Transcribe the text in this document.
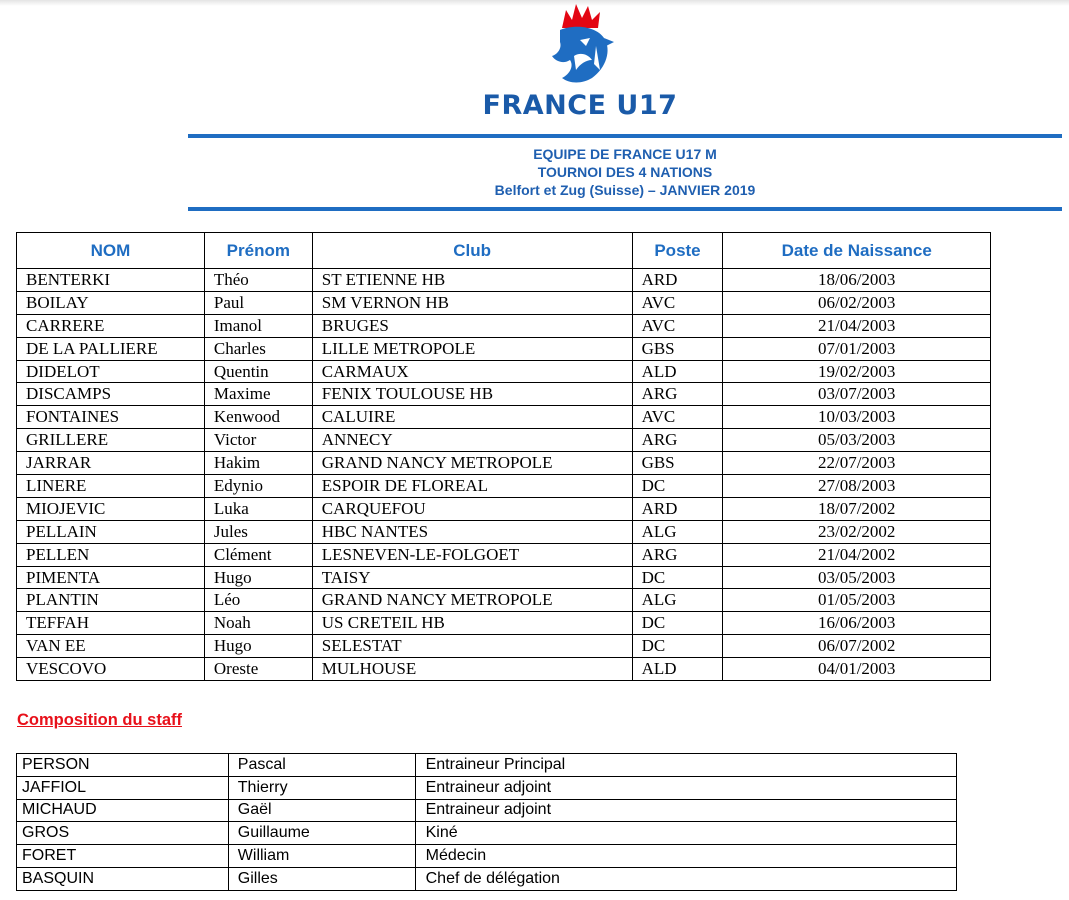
FRANCE U17
EQUIPE DE FRANCE U17 M
TOURNOI DES 4 NATIONS
Belfort et Zug (Suisse) – JANVIER 2019
NOM	Prénom	Club	Poste	Date de Naissance
BENTERKI	Théo	ST ETIENNE HB	ARD	18/06/2003
BOILAY	Paul	SM VERNON HB	AVC	06/02/2003
CARRERE	Imanol	BRUGES	AVC	21/04/2003
DE LA PALLIERE	Charles	LILLE METROPOLE	GBS	07/01/2003
DIDELOT	Quentin	CARMAUX	ALD	19/02/2003
DISCAMPS	Maxime	FENIX TOULOUSE HB	ARG	03/07/2003
FONTAINES	Kenwood	CALUIRE	AVC	10/03/2003
GRILLERE	Victor	ANNECY	ARG	05/03/2003
JARRAR	Hakim	GRAND NANCY METROPOLE	GBS	22/07/2003
LINERE	Edynio	ESPOIR DE FLOREAL	DC	27/08/2003
MIOJEVIC	Luka	CARQUEFOU	ARD	18/07/2002
PELLAIN	Jules	HBC NANTES	ALG	23/02/2002
PELLEN	Clément	LESNEVEN-LE-FOLGOET	ARG	21/04/2002
PIMENTA	Hugo	TAISY	DC	03/05/2003
PLANTIN	Léo	GRAND NANCY METROPOLE	ALG	01/05/2003
TEFFAH	Noah	US CRETEIL HB	DC	16/06/2003
VAN EE	Hugo	SELESTAT	DC	06/07/2002
VESCOVO	Oreste	MULHOUSE	ALD	04/01/2003
Composition du staff
PERSON	Pascal	Entraineur Principal
JAFFIOL	Thierry	Entraineur adjoint
MICHAUD	Gaël	Entraineur adjoint
GROS	Guillaume	Kiné
FORET	William	Médecin
BASQUIN	Gilles	Chef de délégation
